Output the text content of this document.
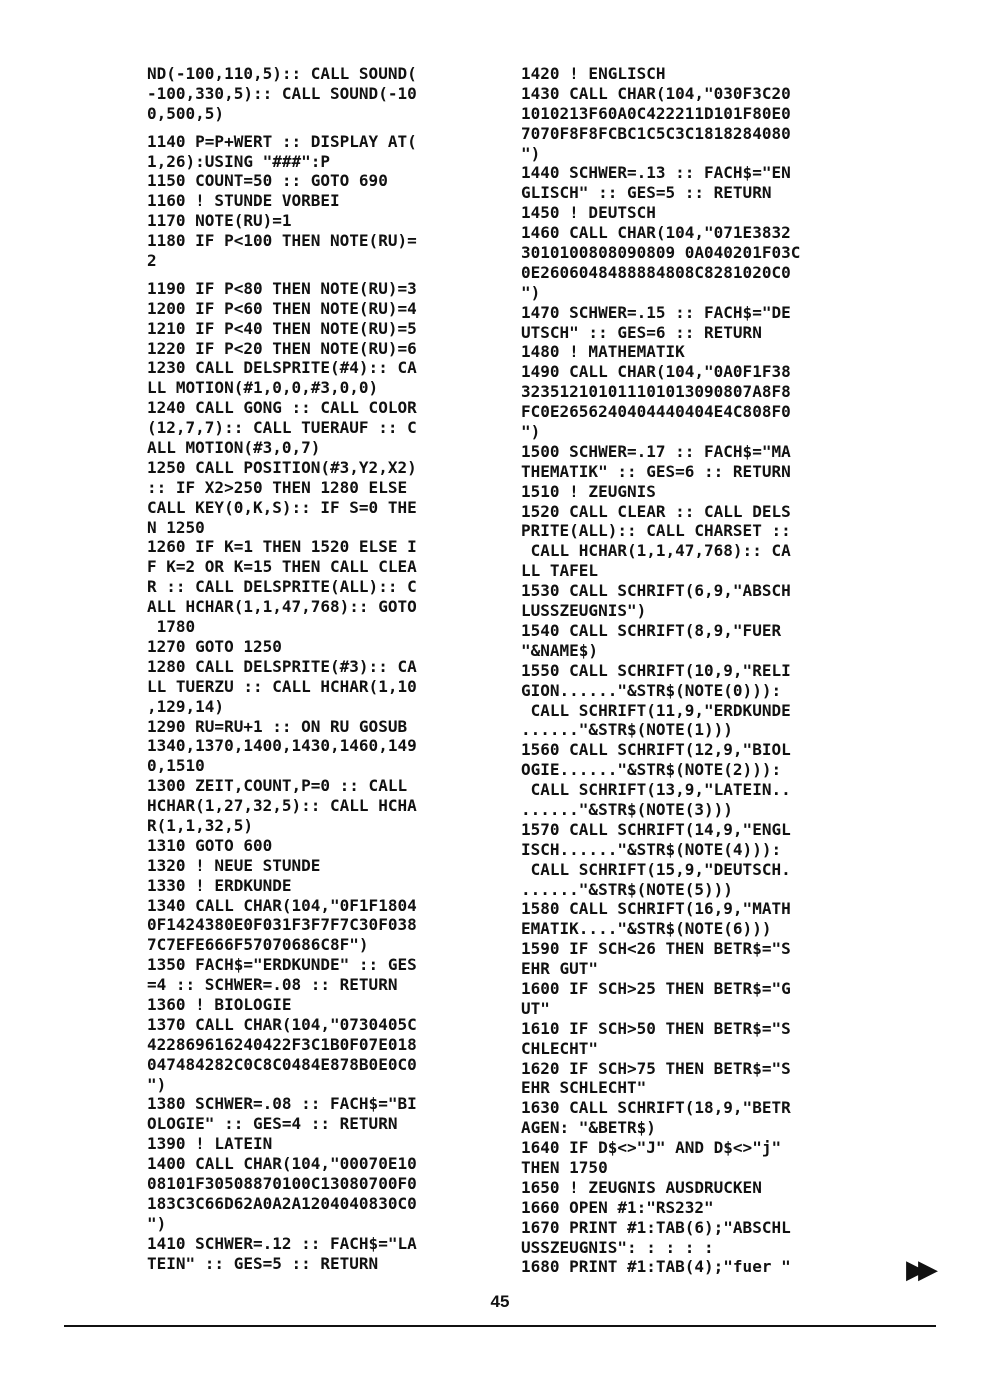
ND(-100,110,5):: CALL SOUND(
-100,330,5):: CALL SOUND(-10
0,500,5)
1140 P=P+WERT :: DISPLAY AT(
1,26):USING "###":P
1150 COUNT=50 :: GOTO 690
1160 ! STUNDE VORBEI
1170 NOTE(RU)=1
1180 IF P<100 THEN NOTE(RU)=
2
1190 IF P<80 THEN NOTE(RU)=3
1200 IF P<60 THEN NOTE(RU)=4
1210 IF P<40 THEN NOTE(RU)=5
1220 IF P<20 THEN NOTE(RU)=6
1230 CALL DELSPRITE(#4):: CA
LL MOTION(#1,0,0,#3,0,0)
1240 CALL GONG :: CALL COLOR
(12,7,7):: CALL TUERAUF :: C
ALL MOTION(#3,0,7)
1250 CALL POSITION(#3,Y2,X2)
:: IF X2>250 THEN 1280 ELSE
CALL KEY(0,K,S):: IF S=0 THE
N 1250
1260 IF K=1 THEN 1520 ELSE I
F K=2 OR K=15 THEN CALL CLEA
R :: CALL DELSPRITE(ALL):: C
ALL HCHAR(1,1,47,768):: GOTO
1780
1270 GOTO 1250
1280 CALL DELSPRITE(#3):: CA
LL TUERZU :: CALL HCHAR(1,10
,129,14)
1290 RU=RU+1 :: ON RU GOSUB
1340,1370,1400,1430,1460,149
0,1510
1300 ZEIT,COUNT,P=0 :: CALL
HCHAR(1,27,32,5):: CALL HCHA
R(1,1,32,5)
1310 GOTO 600
1320 ! NEUE STUNDE
1330 ! ERDKUNDE
1340 CALL CHAR(104,"0F1F1804
0F1424380E0F031F3F7F7C30F038
7C7EFE666F57070686C8F")
1350 FACH$="ERDKUNDE" :: GES
=4 :: SCHWER=.08 :: RETURN
1360 ! BIOLOGIE
1370 CALL CHAR(104,"0730405C
422869616240422F3C1B0F07E018
047484282C0C8C0484E878B0E0C0
")
1380 SCHWER=.08 :: FACH$="BI
OLOGIE" :: GES=4 :: RETURN
1390 ! LATEIN
1400 CALL CHAR(104,"00070E10
08101F30508870100C13080700F0
183C3C66D62A0A2A1204040830C0
")
1410 SCHWER=.12 :: FACH$="LA
TEIN" :: GES=5 :: RETURN
1420 ! ENGLISCH
1430 CALL CHAR(104,"030F3C20
1010213F60A0C422211D101F80E0
7070F8F8FCBC1C5C3C1818284080
")
1440 SCHWER=.13 :: FACH$="EN
GLISCH" :: GES=5 :: RETURN
1450 ! DEUTSCH
1460 CALL CHAR(104,"071E3832
3010100808090809 0A040201F03C
0E2606048488884808C8281020C0
")
1470 SCHWER=.15 :: FACH$="DE
UTSCH" :: GES=6 :: RETURN
1480 ! MATHEMATIK
1490 CALL CHAR(104,"0A0F1F38
323512101011101013090807A8F8
FC0E2656240404440404E4C808F0
")
1500 SCHWER=.17 :: FACH$="MA
THEMATIK" :: GES=6 :: RETURN
1510 ! ZEUGNIS
1520 CALL CLEAR :: CALL DELS
PRITE(ALL):: CALL CHARSET ::
CALL HCHAR(1,1,47,768):: CA
LL TAFEL
1530 CALL SCHRIFT(6,9,"ABSCH
LUSSZEUGNIS")
1540 CALL SCHRIFT(8,9,"FUER
"&NAME$)
1550 CALL SCHRIFT(10,9,"RELI
GION......"&STR$(NOTE(0))):
CALL SCHRIFT(11,9,"ERDKUNDE
......"&STR$(NOTE(1)))
1560 CALL SCHRIFT(12,9,"BIOL
OGIE......"&STR$(NOTE(2))):
CALL SCHRIFT(13,9,"LATEIN..
......"&STR$(NOTE(3)))
1570 CALL SCHRIFT(14,9,"ENGL
ISCH......"&STR$(NOTE(4))):
CALL SCHRIFT(15,9,"DEUTSCH.
......"&STR$(NOTE(5)))
1580 CALL SCHRIFT(16,9,"MATH
EMATIK...."&STR$(NOTE(6)))
1590 IF SCH<26 THEN BETR$="S
EHR GUT"
1600 IF SCH>25 THEN BETR$="G
UT"
1610 IF SCH>50 THEN BETR$="S
CHLECHT"
1620 IF SCH>75 THEN BETR$="S
EHR SCHLECHT"
1630 CALL SCHRIFT(18,9,"BETR
AGEN: "&BETR$)
1640 IF D$<>"J" AND D$<>"j"
THEN 1750
1650 ! ZEUGNIS AUSDRUCKEN
1660 OPEN #1:"RS232"
1670 PRINT #1:TAB(6);"ABSCHL
USSZEUGNIS": : : : :
1680 PRINT #1:TAB(4);"fuer "	▶▶
45
